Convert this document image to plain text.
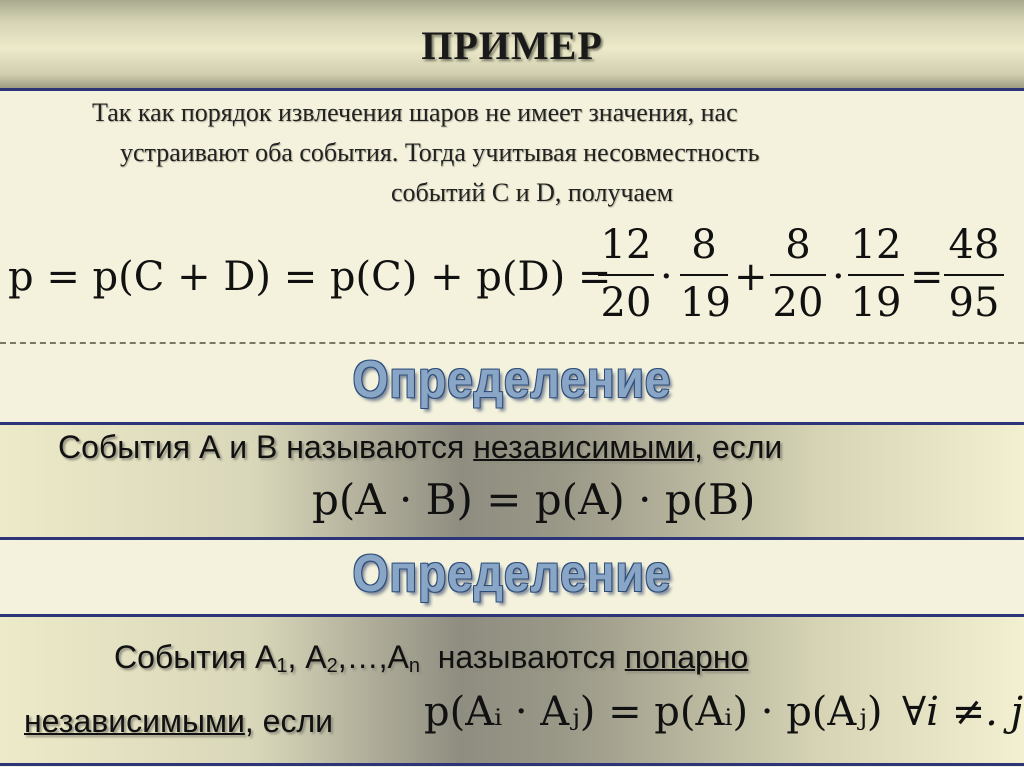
ПРИМЕР
Так как порядок извлечения шаров не имеет значения, нас
устраивают оба события. Тогда учитывая несовместность
событий С и D, получаем
p = p(C + D) = p(C) + p(D) =
12
20
·
8
19
+
8
20
·
12
19
=
48
95
Определение
События А и В называются независимыми, если
p(A · B) = p(A) · p(B)
Определение
События $А_1$, $А_2,\dots,А_n$  называются попарно
независимыми, если p(Aᵢ · Aⱼ) = p(Aᵢ) · p(Aⱼ) ∀i ≠. j
